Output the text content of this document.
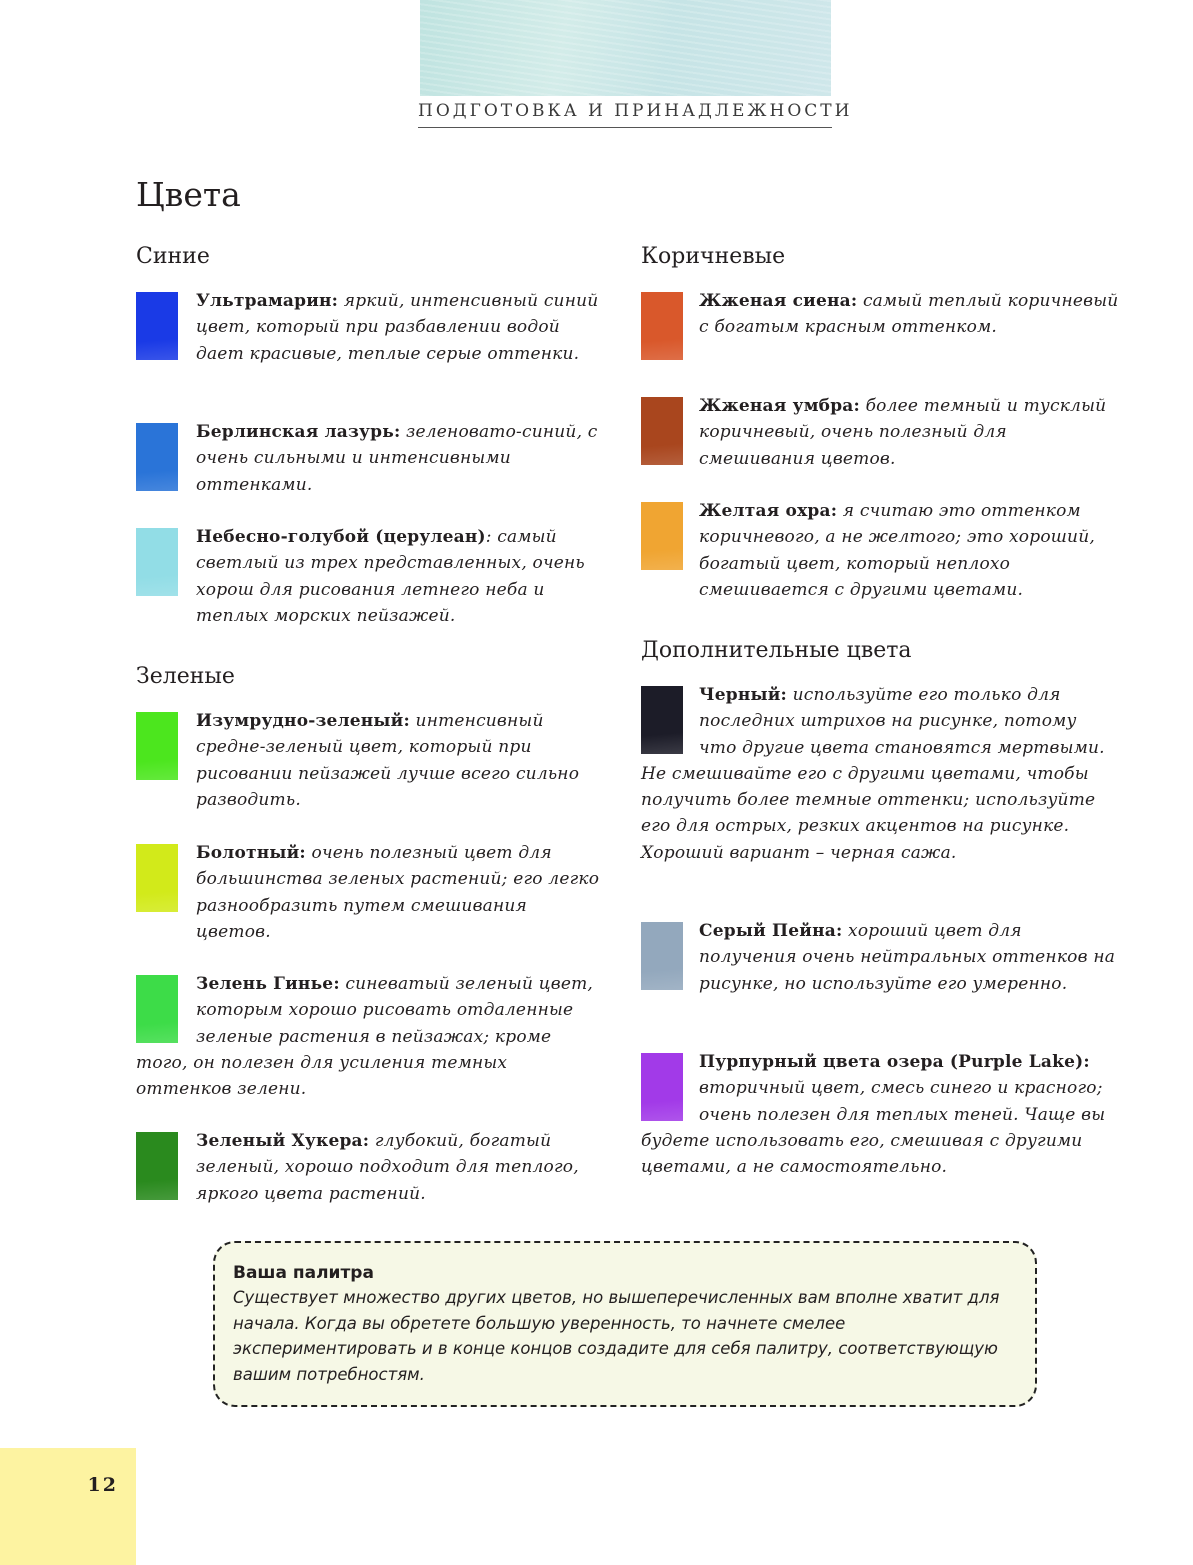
ПОДГОТОВКА И ПРИНАДЛЕЖНОСТИ
Цвета
Синие

Ультрамарин: яркий, интенсивный синий цвет, который при разбавлении водой дает красивые, теплые серые оттенки.

Берлинская лазурь: зеленовато-синий, с очень сильными и интенсивными оттенками.

Небесно-голубой (церулеан): самый светлый из трех представленных, очень хорош для рисования летнего неба и теплых морских пейзажей.

Зеленые

Изумрудно-зеленый: интенсивный средне-зеленый цвет, который при рисовании пейзажей лучше всего сильно разводить.

Болотный: очень полезный цвет для большинства зеленых растений; его легко разнообразить путем смешивания цветов.

Зелень Гинье: синеватый зеленый цвет, которым хорошо рисовать отдаленные зеленые растения в пейзажах; кроме того, он полезен для усиления темных оттенков зелени.

Зеленый Хукера: глубокий, богатый зеленый, хорошо подходит для теплого, яркого цвета растений.

Коричневые

Жженая сиена: самый теплый коричневый с богатым красным оттенком.

Жженая умбра: более темный и тусклый коричневый, очень полезный для смешивания цветов.

Желтая охра: я считаю это оттенком коричневого, а не желтого; это хороший, богатый цвет, который неплохо смешивается с другими цветами.

Дополнительные цвета

Черный: используйте его только для последних штрихов на рисунке, потому что другие цвета становятся мертвыми. Не смешивайте его с другими цветами, чтобы получить более темные оттенки; используйте его для острых, резких акцентов на рисунке. Хороший вариант – черная сажа.

Серый Пейна: хороший цвет для получения очень нейтральных оттенков на рисунке, но используйте его умеренно.

Пурпурный цвета озера (Purple Lake): вторичный цвет, смесь синего и красного; очень полезен для теплых теней. Чаще вы будете использовать его, смешивая с другими цветами, а не самостоятельно.

Ваша палитра

Существует множество других цветов, но вышеперечисленных вам вполне хватит для начала. Когда вы обретете большую уверенность, то начнете смелее экспериментировать и в конце концов создадите для себя палитру, соответствующую вашим потребностям.

12
